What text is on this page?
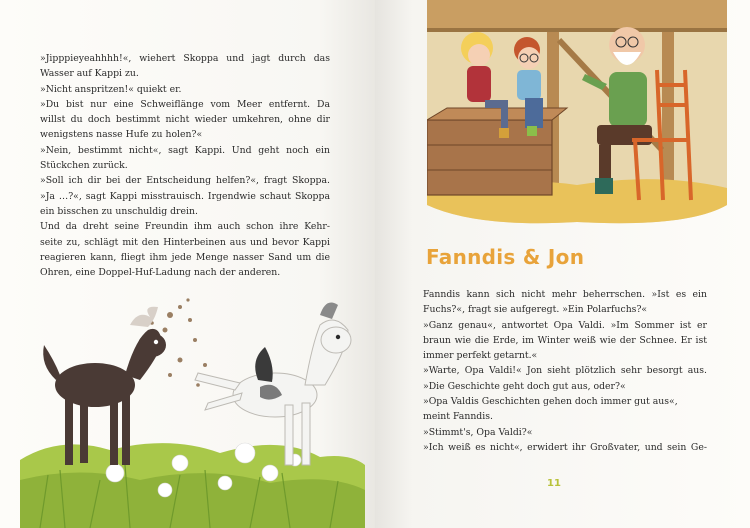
»Jipppieyeahhhh!«, wiehert Skoppa und jagt durch das

Wasser auf Kappi zu.

»Nicht anspritzen!« quiekt er.

»Du bist nur eine Schweiflänge vom Meer entfernt. Da

willst du doch bestimmt nicht wieder umkehren, ohne dir

wenigstens nasse Hufe zu holen?«

»Nein, bestimmt nicht«, sagt Kappi. Und geht noch ein

Stückchen zurück.

»Soll ich dir bei der Entscheidung helfen?«, fragt Skoppa.

»Ja …?«, sagt Kappi misstrauisch. Irgendwie schaut Skoppa

ein bisschen zu unschuldig drein.

Und da dreht seine Freundin ihm auch schon ihre Kehr-

seite zu, schlägt mit den Hinterbeinen aus und bevor Kappi

reagieren kann, fliegt ihm jede Menge nasser Sand um die

Ohren, eine Doppel-Huf-Ladung nach der anderen.

Fanndis & Jon

Fanndis kann sich nicht mehr beherrschen. »Ist es ein

Fuchs?«, fragt sie aufgeregt. »Ein Polarfuchs?«

»Ganz genau«, antwortet Opa Valdi. »Im Sommer ist er

braun wie die Erde, im Winter weiß wie der Schnee. Er ist

immer perfekt getarnt.«

»Warte, Opa Valdi!« Jon sieht plötzlich sehr besorgt aus.

»Die Geschichte geht doch gut aus, oder?«

»Opa Valdis Geschichten gehen doch immer gut aus«,

meint Fanndis.

»Stimmt's, Opa Valdi?«

»Ich weiß es nicht«, erwidert ihr Großvater, und sein Ge-

11
